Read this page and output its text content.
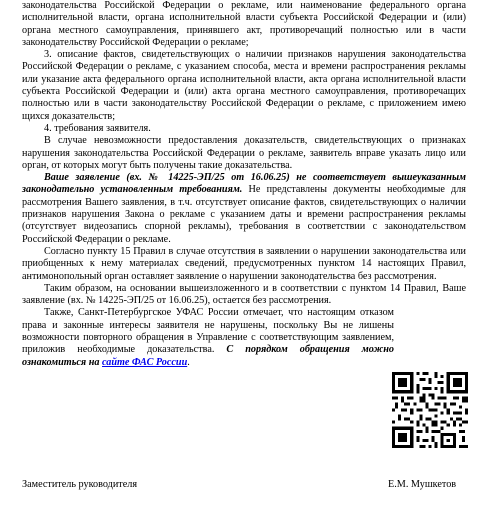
законодательства Российской Федерации о рекламе, или наименование федерального органа исполнительной власти, органа исполнительной власти субъекта Российской Федерации и (или) органа местного самоуправления, принявшего акт, противоречащий полностью или в части законодательству Российской Федерации о рекламе;

3. описание фактов, свидетельствующих о наличии признаков нарушения законодательства Российской Федерации о рекламе, с указанием способа, места и времени распространения рекламы или указание акта федерального органа исполнительной власти, акта органа исполнительной власти субъекта Российской Федерации и (или) акта органа местного самоуправления, противоречащих полностью или в части законодательству Российской Федерации о рекламе, с приложением имею щихся доказательств;

4. требования заявителя.

В случае невозможности предоставления доказательств, свидетельствующих о признаках нарушения законодательства Российской Федерации о рекламе, заявитель вправе указать лицо или орган, от которых могут быть получены такие доказательства.

Ваше заявление (вх. № 14225-ЭП/25 от 16.06.25) не соответствует вышеуказанным законодательно установленным требованиям. Не представлены документы необходимые для рассмотрения Вашего заявления, в т.ч. отсутствует описание фактов, свидетельствующих о наличии признаков нарушения Закона о рекламе с указанием даты и времени распространения рекламы (отсутствует видеозапись спорной рекламы), требования в соответствии с законодательством Российской Федерации о рекламе.

Согласно пункту 15 Правил в случае отсутствия в заявлении о нарушении законодательства или приобщенных к нему материалах сведений, предусмотренных пунктом 14 настоящих Правил, антимонопольный орган оставляет заявление о нарушении законодательства без рассмотрения.

Таким образом, на основании вышеизложенного и в соответствии с пунктом 14 Правил, Ваше заявление (вх. № 14225-ЭП/25 от 16.06.25), остается без рассмотрения.

Также, Санкт-Петербургское УФАС России отмечает, что настоящим отказом права и законные интересы заявителя не нарушены, поскольку Вы не лишены возможности повторного обращения в Управление с соответствующим заявлением, приложив необходимые доказательства. С порядком обращения можно ознакомиться на сайте ФАС России.

Заместитель руководителя	Е.М. Мушкетов
